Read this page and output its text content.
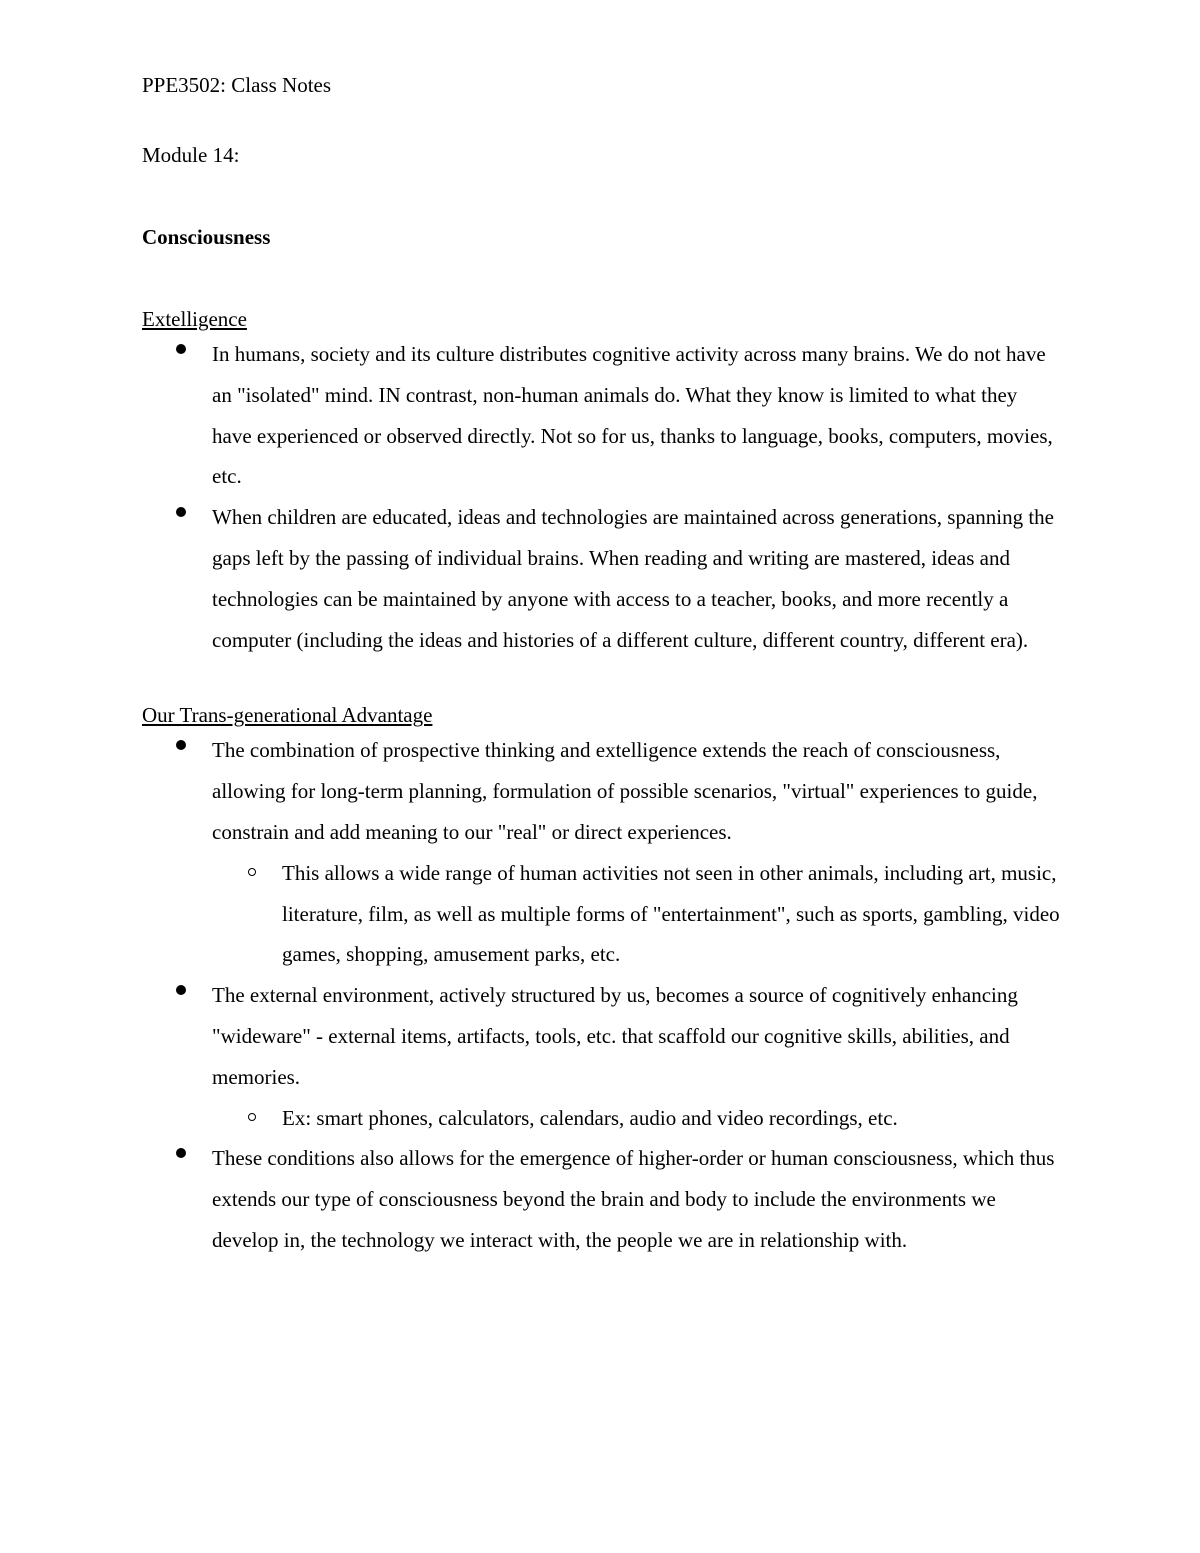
PPE3502: Class Notes
Module 14:
Consciousness
Extelligence
In humans, society and its culture distributes cognitive activity across many brains. We do not have an "isolated" mind. IN contrast, non-human animals do. What they know is limited to what they have experienced or observed directly. Not so for us, thanks to language, books, computers, movies, etc.
When children are educated, ideas and technologies are maintained across generations, spanning the gaps left by the passing of individual brains. When reading and writing are mastered, ideas and technologies can be maintained by anyone with access to a teacher, books, and more recently a computer (including the ideas and histories of a different culture, different country, different era).
Our Trans-generational Advantage
The combination of prospective thinking and extelligence extends the reach of consciousness, allowing for long-term planning, formulation of possible scenarios, "virtual" experiences to guide, constrain and add meaning to our "real" or direct experiences.
This allows a wide range of human activities not seen in other animals, including art, music, literature, film, as well as multiple forms of "entertainment", such as sports, gambling, video games, shopping, amusement parks, etc.
The external environment, actively structured by us, becomes a source of cognitively enhancing "wideware" - external items, artifacts, tools, etc. that scaffold our cognitive skills, abilities, and memories.
Ex: smart phones, calculators, calendars, audio and video recordings, etc.
These conditions also allows for the emergence of higher-order or human consciousness, which thus extends our type of consciousness beyond the brain and body to include the environments we develop in, the technology we interact with, the people we are in relationship with.
